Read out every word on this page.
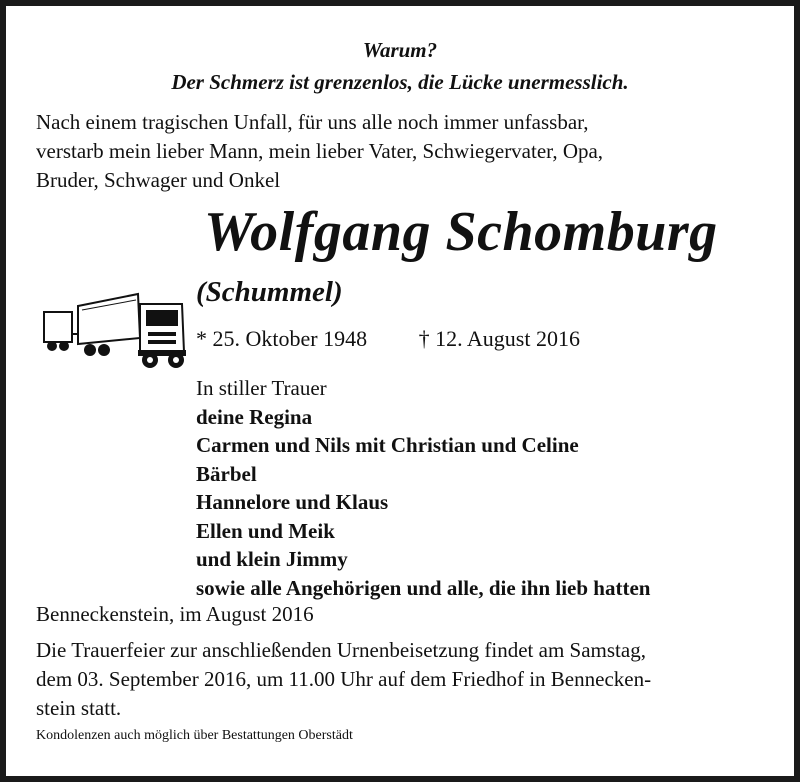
Warum?
Der Schmerz ist grenzenlos, die Lücke unermesslich.
Nach einem tragischen Unfall, für uns alle noch immer unfassbar,
verstarb mein lieber Mann, mein lieber Vater, Schwiegervater, Opa,
Bruder, Schwager und Onkel
Wolfgang Schomburg
(Schummel)
* 25. Oktober 1948 † 12. August 2016
In stiller Trauer
deine Regina
Carmen und Nils mit Christian und Celine
Bärbel
Hannelore und Klaus
Ellen und Meik
und klein Jimmy
sowie alle Angehörigen und alle, die ihn lieb hatten
Benneckenstein, im August 2016
Die Trauerfeier zur anschließenden Urnenbeisetzung findet am Samstag,
dem 03. September 2016, um 11.00 Uhr auf dem Friedhof in Bennecken-
stein statt.
Kondolenzen auch möglich über Bestattungen Oberstädt
